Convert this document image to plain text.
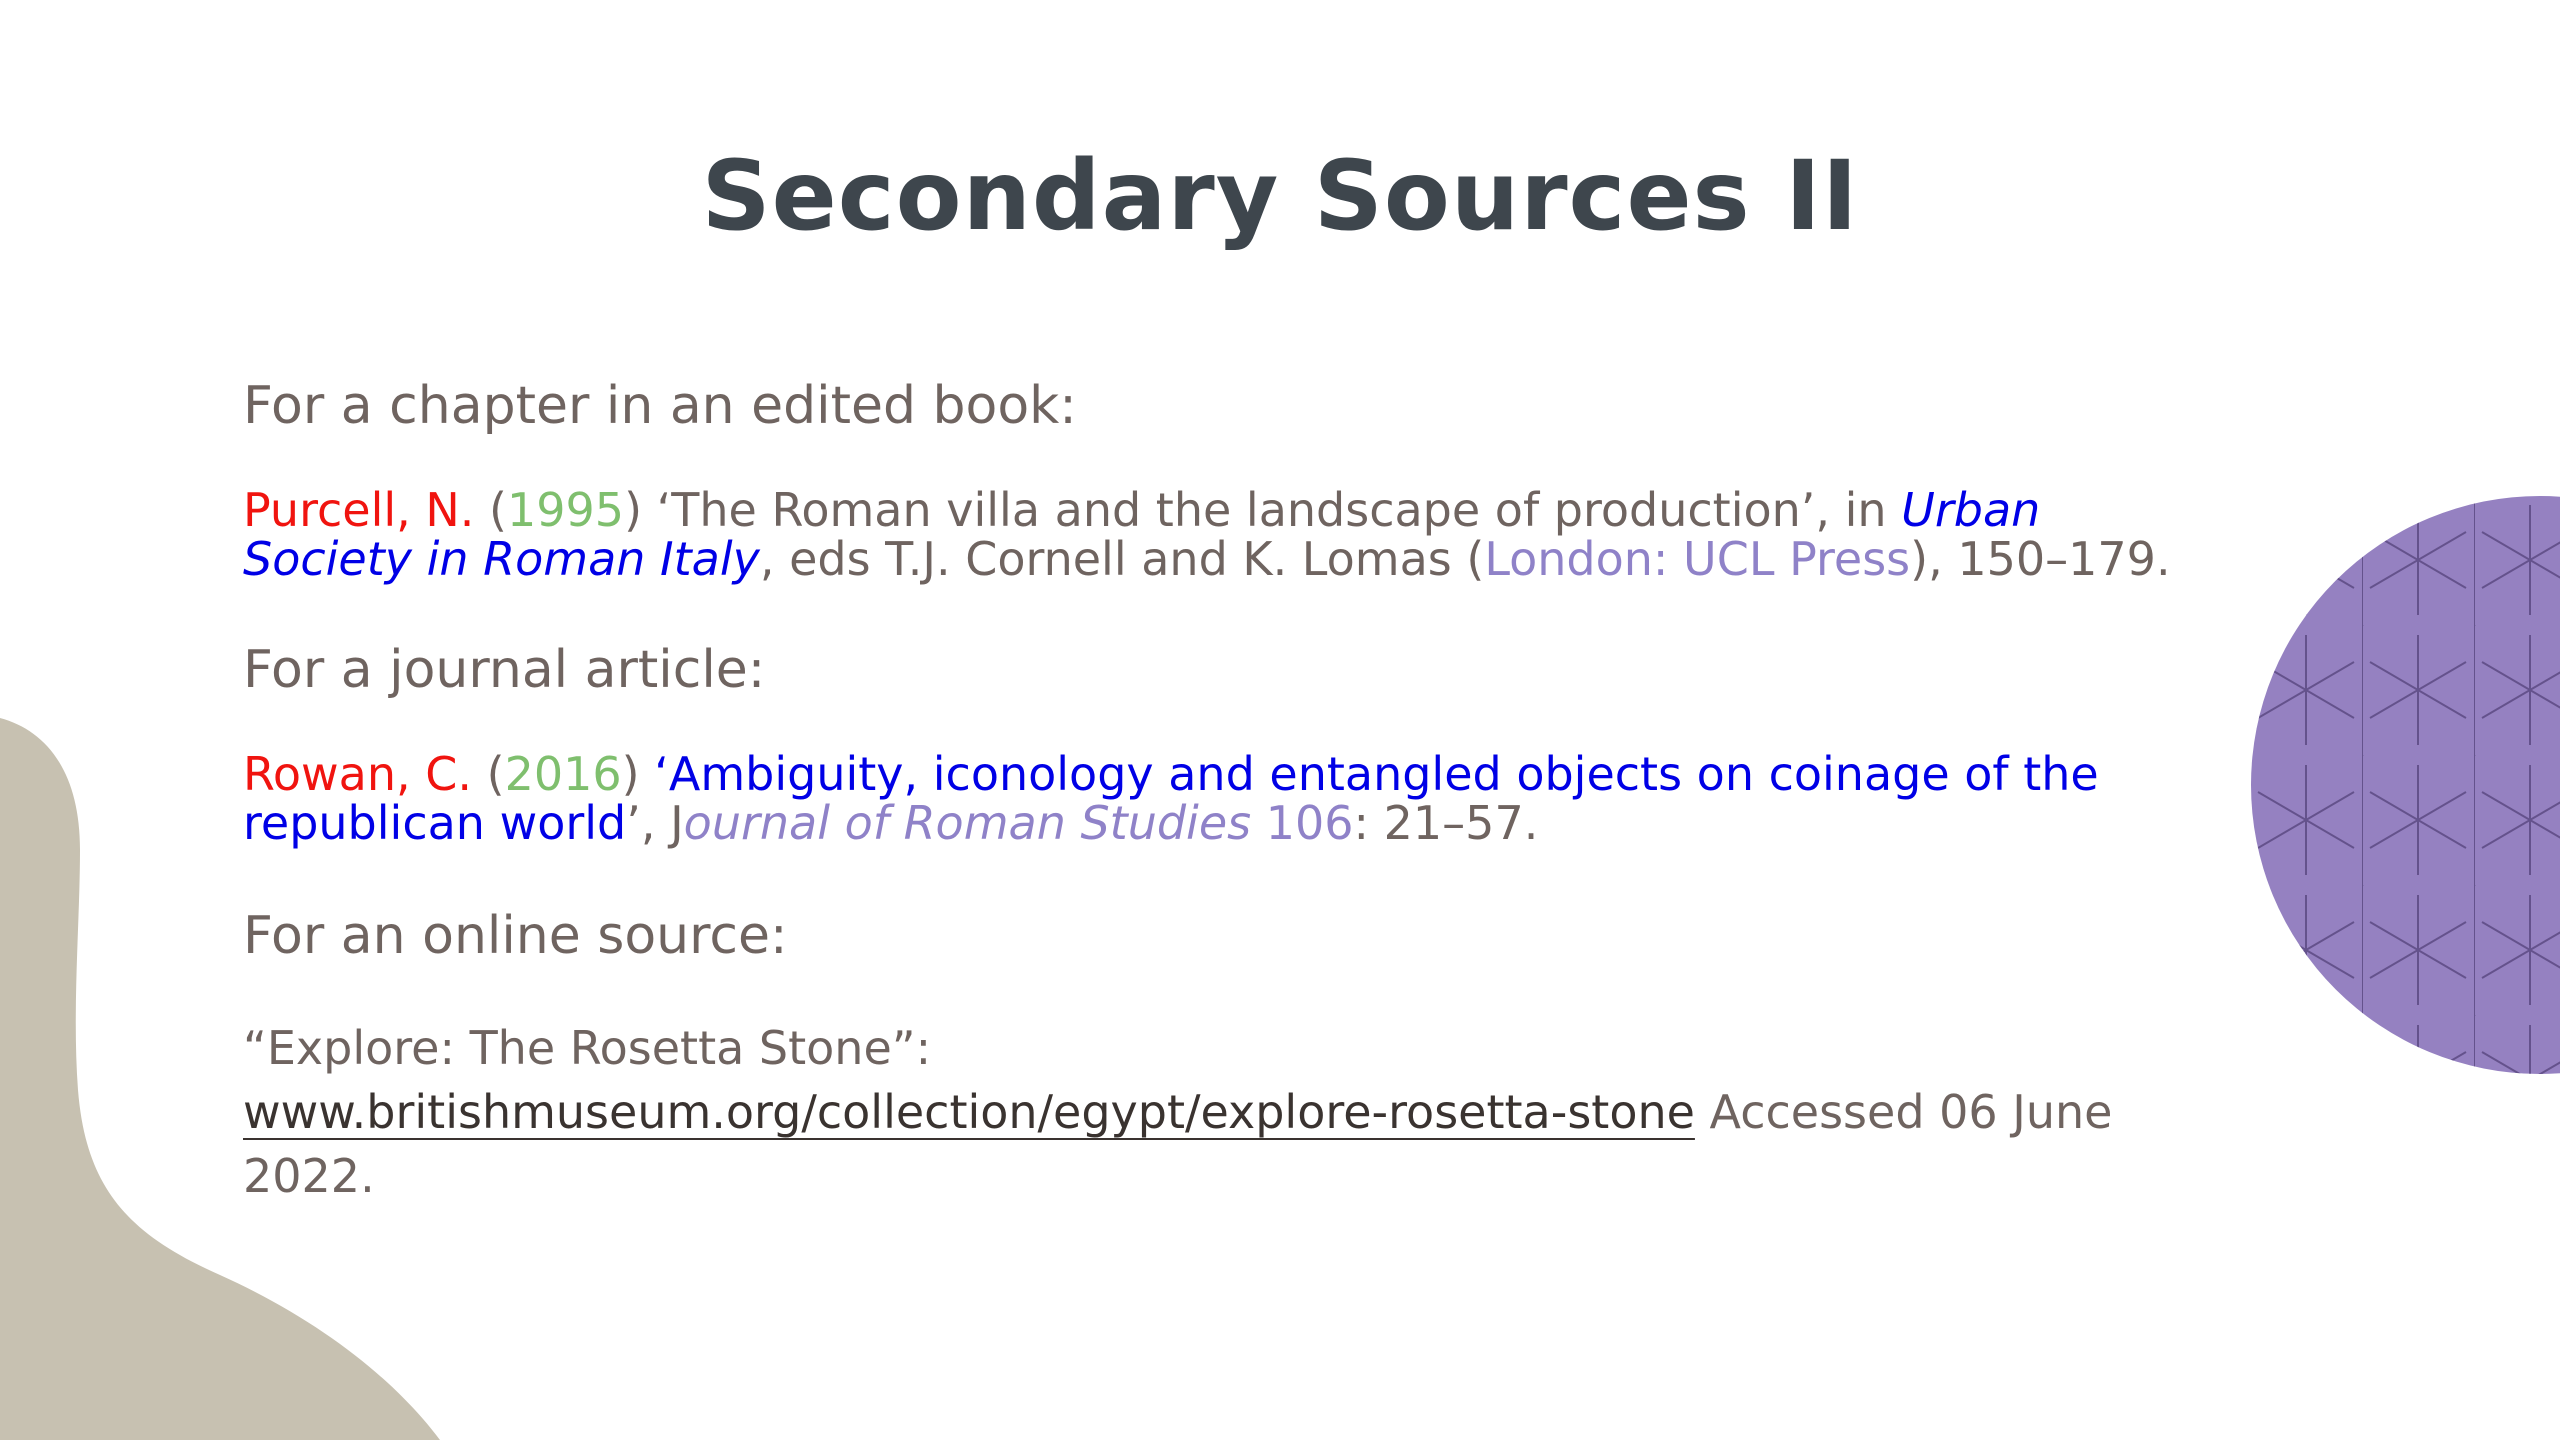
Secondary Sources II

For a chapter in an edited book:

Purcell, N. (1995) ‘The Roman villa and the landscape of production’, in Urban Society in Roman Italy, eds T.J. Cornell and K. Lomas (London: UCL Press), 150–179.

For a journal article:

Rowan, C. (2016) ‘Ambiguity, iconology and entangled objects on coinage of the republican world’, Journal of Roman Studies 106: 21–57.

For an online source:

“Explore: The Rosetta Stone”:
www.britishmuseum.org/collection/egypt/explore-rosetta-stone Accessed 06 June 2022.
